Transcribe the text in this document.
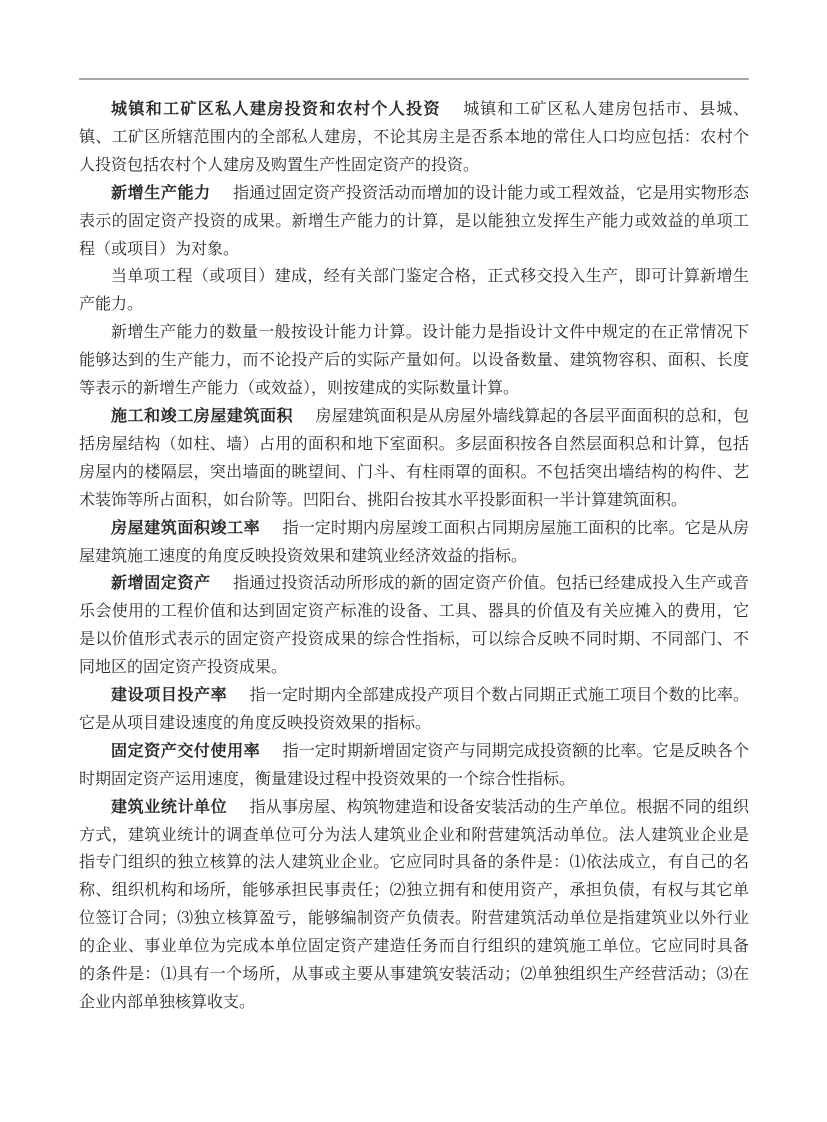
城镇和工矿区私人建房投资和农村个人投资 城镇和工矿区私人建房包括市、县城、镇、工矿区所辖范围内的全部私人建房，不论其房主是否系本地的常住人口均应包括：农村个人投资包括农村个人建房及购置生产性固定资产的投资。

新增生产能力 指通过固定资产投资活动而增加的设计能力或工程效益，它是用实物形态表示的固定资产投资的成果。新增生产能力的计算，是以能独立发挥生产能力或效益的单项工程（或项目）为对象。

当单项工程（或项目）建成，经有关部门鉴定合格，正式移交投入生产，即可计算新增生产能力。

新增生产能力的数量一般按设计能力计算。设计能力是指设计文件中规定的在正常情况下能够达到的生产能力，而不论投产后的实际产量如何。以设备数量、建筑物容积、面积、长度等表示的新增生产能力（或效益），则按建成的实际数量计算。

施工和竣工房屋建筑面积 房屋建筑面积是从房屋外墙线算起的各层平面面积的总和，包括房屋结构（如柱、墙）占用的面积和地下室面积。多层面积按各自然层面积总和计算，包括房屋内的楼隔层，突出墙面的眺望间、门斗、有柱雨罩的面积。不包括突出墙结构的构件、艺术装饰等所占面积，如台阶等。凹阳台、挑阳台按其水平投影面积一半计算建筑面积。

房屋建筑面积竣工率 指一定时期内房屋竣工面积占同期房屋施工面积的比率。它是从房屋建筑施工速度的角度反映投资效果和建筑业经济效益的指标。

新增固定资产 指通过投资活动所形成的新的固定资产价值。包括已经建成投入生产或音乐会使用的工程价值和达到固定资产标准的设备、工具、器具的价值及有关应摊入的费用，它是以价值形式表示的固定资产投资成果的综合性指标，可以综合反映不同时期、不同部门、不同地区的固定资产投资成果。

建设项目投产率 指一定时期内全部建成投产项目个数占同期正式施工项目个数的比率。它是从项目建设速度的角度反映投资效果的指标。

固定资产交付使用率 指一定时期新增固定资产与同期完成投资额的比率。它是反映各个时期固定资产运用速度，衡量建设过程中投资效果的一个综合性指标。

建筑业统计单位 指从事房屋、构筑物建造和设备安装活动的生产单位。根据不同的组织方式，建筑业统计的调查单位可分为法人建筑业企业和附营建筑活动单位。法人建筑业企业是指专门组织的独立核算的法人建筑业企业。它应同时具备的条件是：⑴依法成立，有自己的名称、组织机构和场所，能够承担民事责任；⑵独立拥有和使用资产，承担负债，有权与其它单位签订合同；⑶独立核算盈亏，能够编制资产负债表。附营建筑活动单位是指建筑业以外行业的企业、事业单位为完成本单位固定资产建造任务而自行组织的建筑施工单位。它应同时具备的条件是：⑴具有一个场所，从事或主要从事建筑安装活动；⑵单独组织生产经营活动；⑶在企业内部单独核算收支。
